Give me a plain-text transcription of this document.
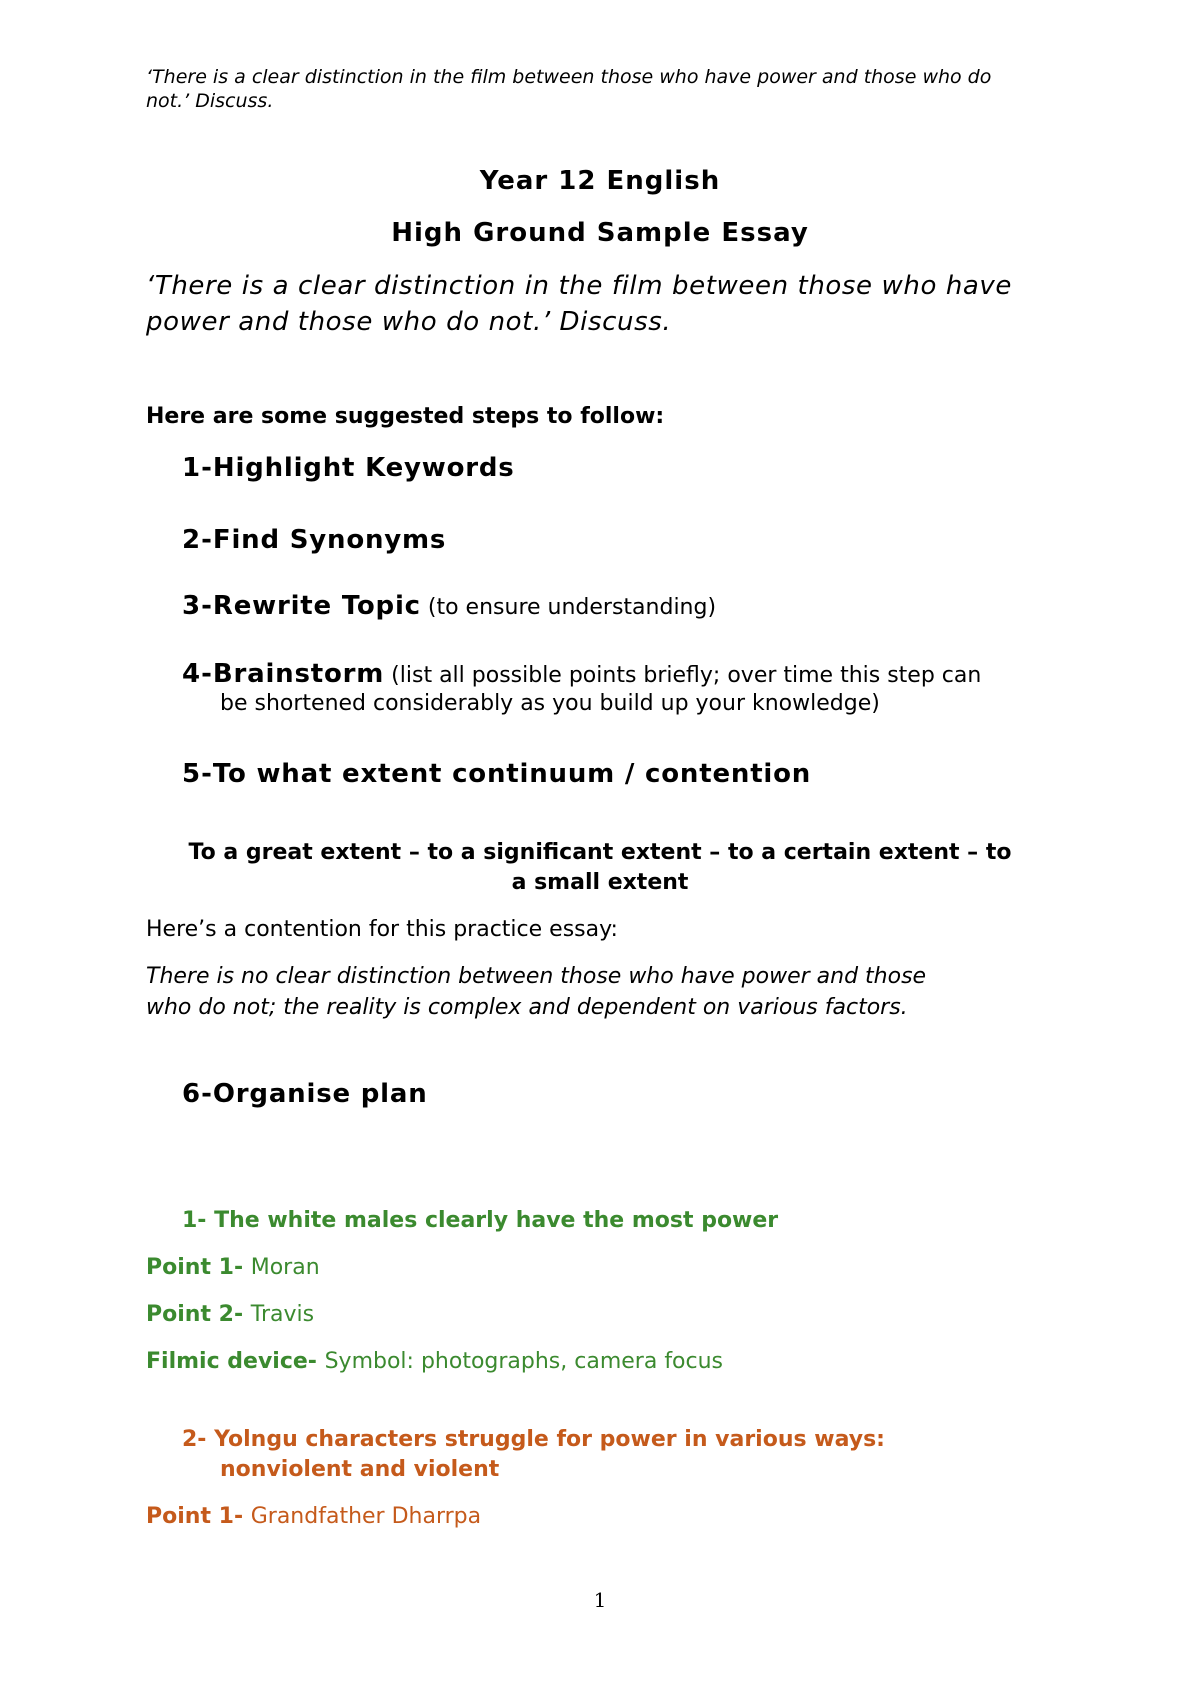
‘There is a clear distinction in the film between those who have power and those who do

not.’ Discuss.

Year 12 English

High Ground Sample Essay

‘There is a clear distinction in the film between those who have

power and those who do not.’ Discuss.

Here are some suggested steps to follow:

1-Highlight Keywords
2-Find Synonyms
3-Rewrite Topic (to ensure understanding)
4-Brainstorm (list all possible points briefly; over time this step can

be shortened considerably as you build up your knowledge)

5-To what extent continuum / contention

To a great extent – to a significant extent – to a certain extent – to

a small extent

Here’s a contention for this practice essay:

There is no clear distinction between those who have power and those

who do not; the reality is complex and dependent on various factors.

6-Organise plan

1- The white males clearly have the most power

Point 1- Moran

Point 2- Travis

Filmic device- Symbol: photographs, camera focus

2- Yolngu characters struggle for power in various ways:

nonviolent and violent

Point 1- Grandfather Dharrpa

1
